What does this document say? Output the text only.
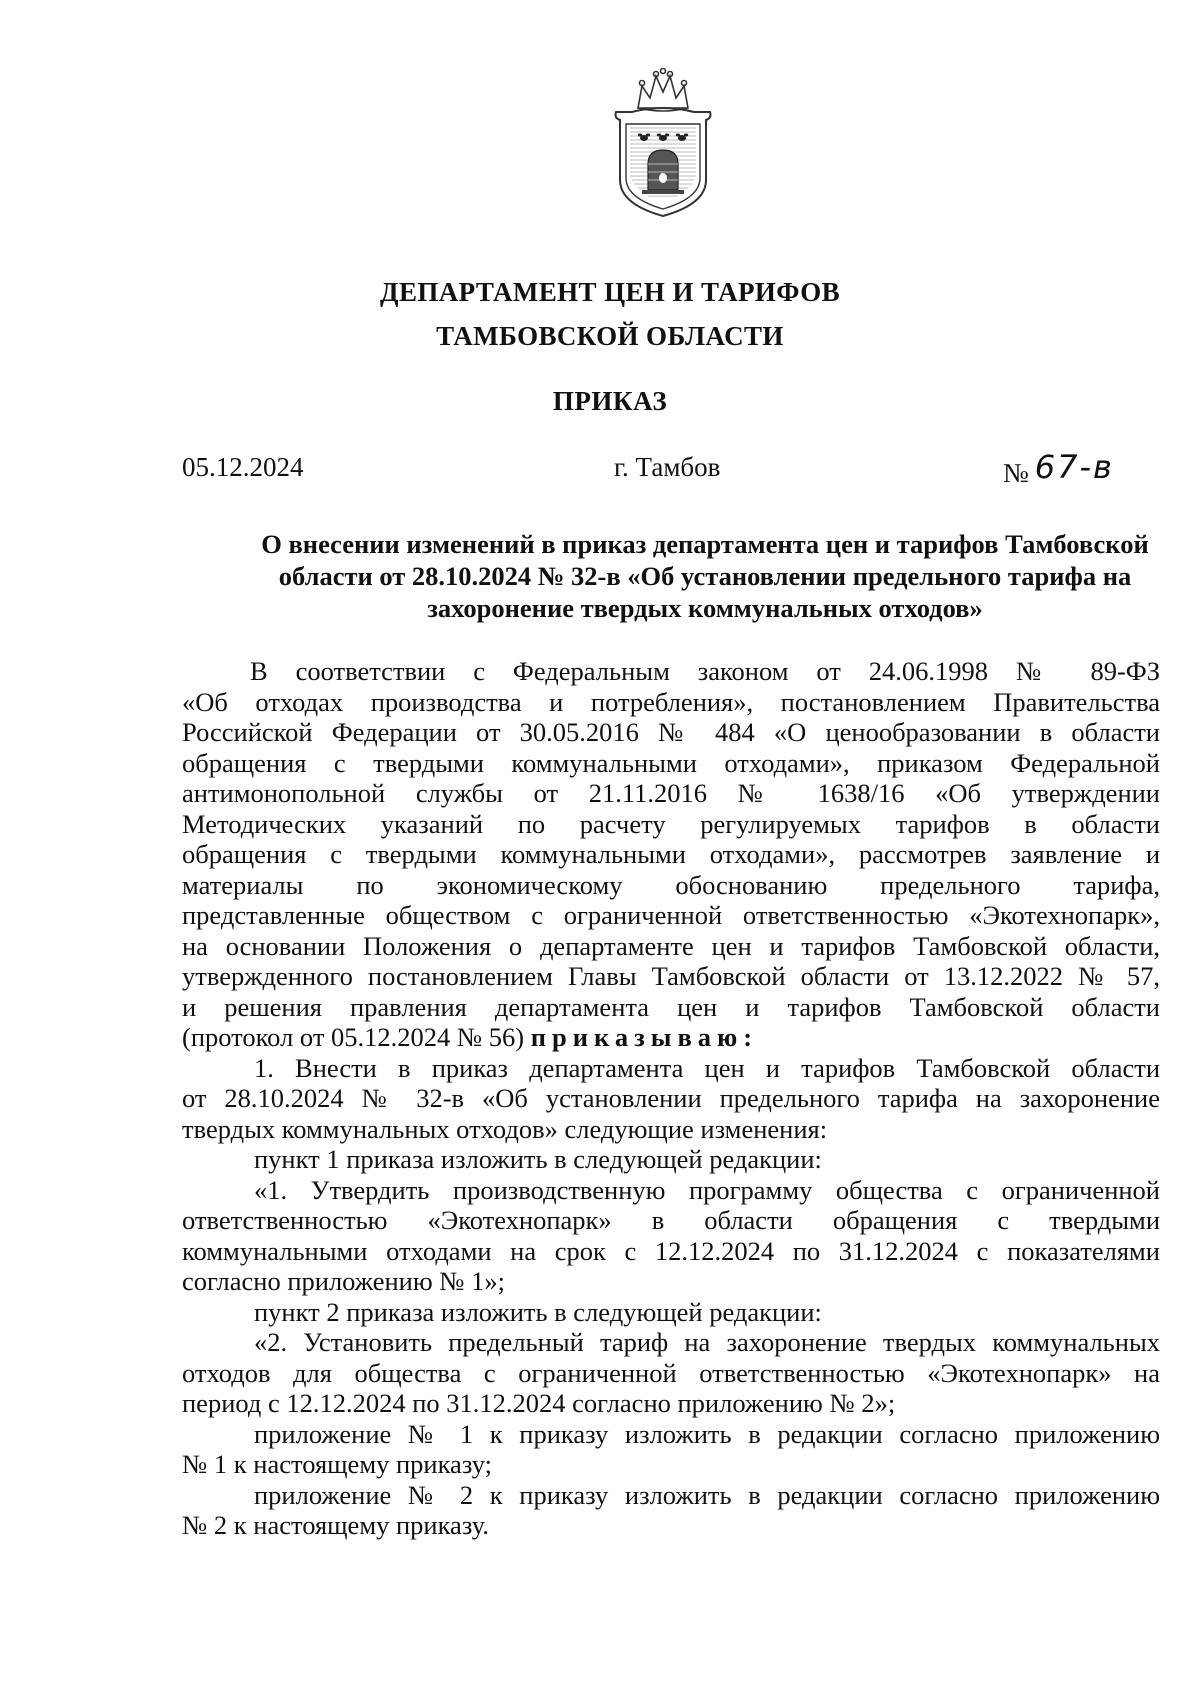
ДЕПАРТАМЕНТ ЦЕН И ТАРИФОВ
ТАМБОВСКОЙ ОБЛАСТИ
ПРИКАЗ
05.12.2024	г. Тамбов	№ 67-в
О внесении изменений в приказ департамента цен и тарифов Тамбовской
области от 28.10.2024 № 32-в «Об установлении предельного тарифа на
захоронение твердых коммунальных отходов»
В соответствии с Федеральным законом от 24.06.1998 № 89-ФЗ
«Об отходах производства и потребления», постановлением Правительства
Российской Федерации от 30.05.2016 № 484 «О ценообразовании в области
обращения с твердыми коммунальными отходами», приказом Федеральной
антимонопольной службы от 21.11.2016 № 1638/16 «Об утверждении
Методических указаний по расчету регулируемых тарифов в области
обращения с твердыми коммунальными отходами», рассмотрев заявление и
материалы по экономическому обоснованию предельного тарифа,
представленные обществом с ограниченной ответственностью «Экотехнопарк»,
на основании Положения о департаменте цен и тарифов Тамбовской области,
утвержденного постановлением Главы Тамбовской области от 13.12.2022 № 57,
и решения правления департамента цен и тарифов Тамбовской области
(протокол от 05.12.2024 № 56) приказываю:
1. Внести в приказ департамента цен и тарифов Тамбовской области
от 28.10.2024 № 32-в «Об установлении предельного тарифа на захоронение
твердых коммунальных отходов» следующие изменения:
пункт 1 приказа изложить в следующей редакции:
«1. Утвердить производственную программу общества с ограниченной
ответственностью «Экотехнопарк» в области обращения с твердыми
коммунальными отходами на срок с 12.12.2024 по 31.12.2024 с показателями
согласно приложению № 1»;
пункт 2 приказа изложить в следующей редакции:
«2. Установить предельный тариф на захоронение твердых коммунальных
отходов для общества с ограниченной ответственностью «Экотехнопарк» на
период с 12.12.2024 по 31.12.2024 согласно приложению № 2»;
приложение № 1 к приказу изложить в редакции согласно приложению
№ 1 к настоящему приказу;
приложение № 2 к приказу изложить в редакции согласно приложению
№ 2 к настоящему приказу.
